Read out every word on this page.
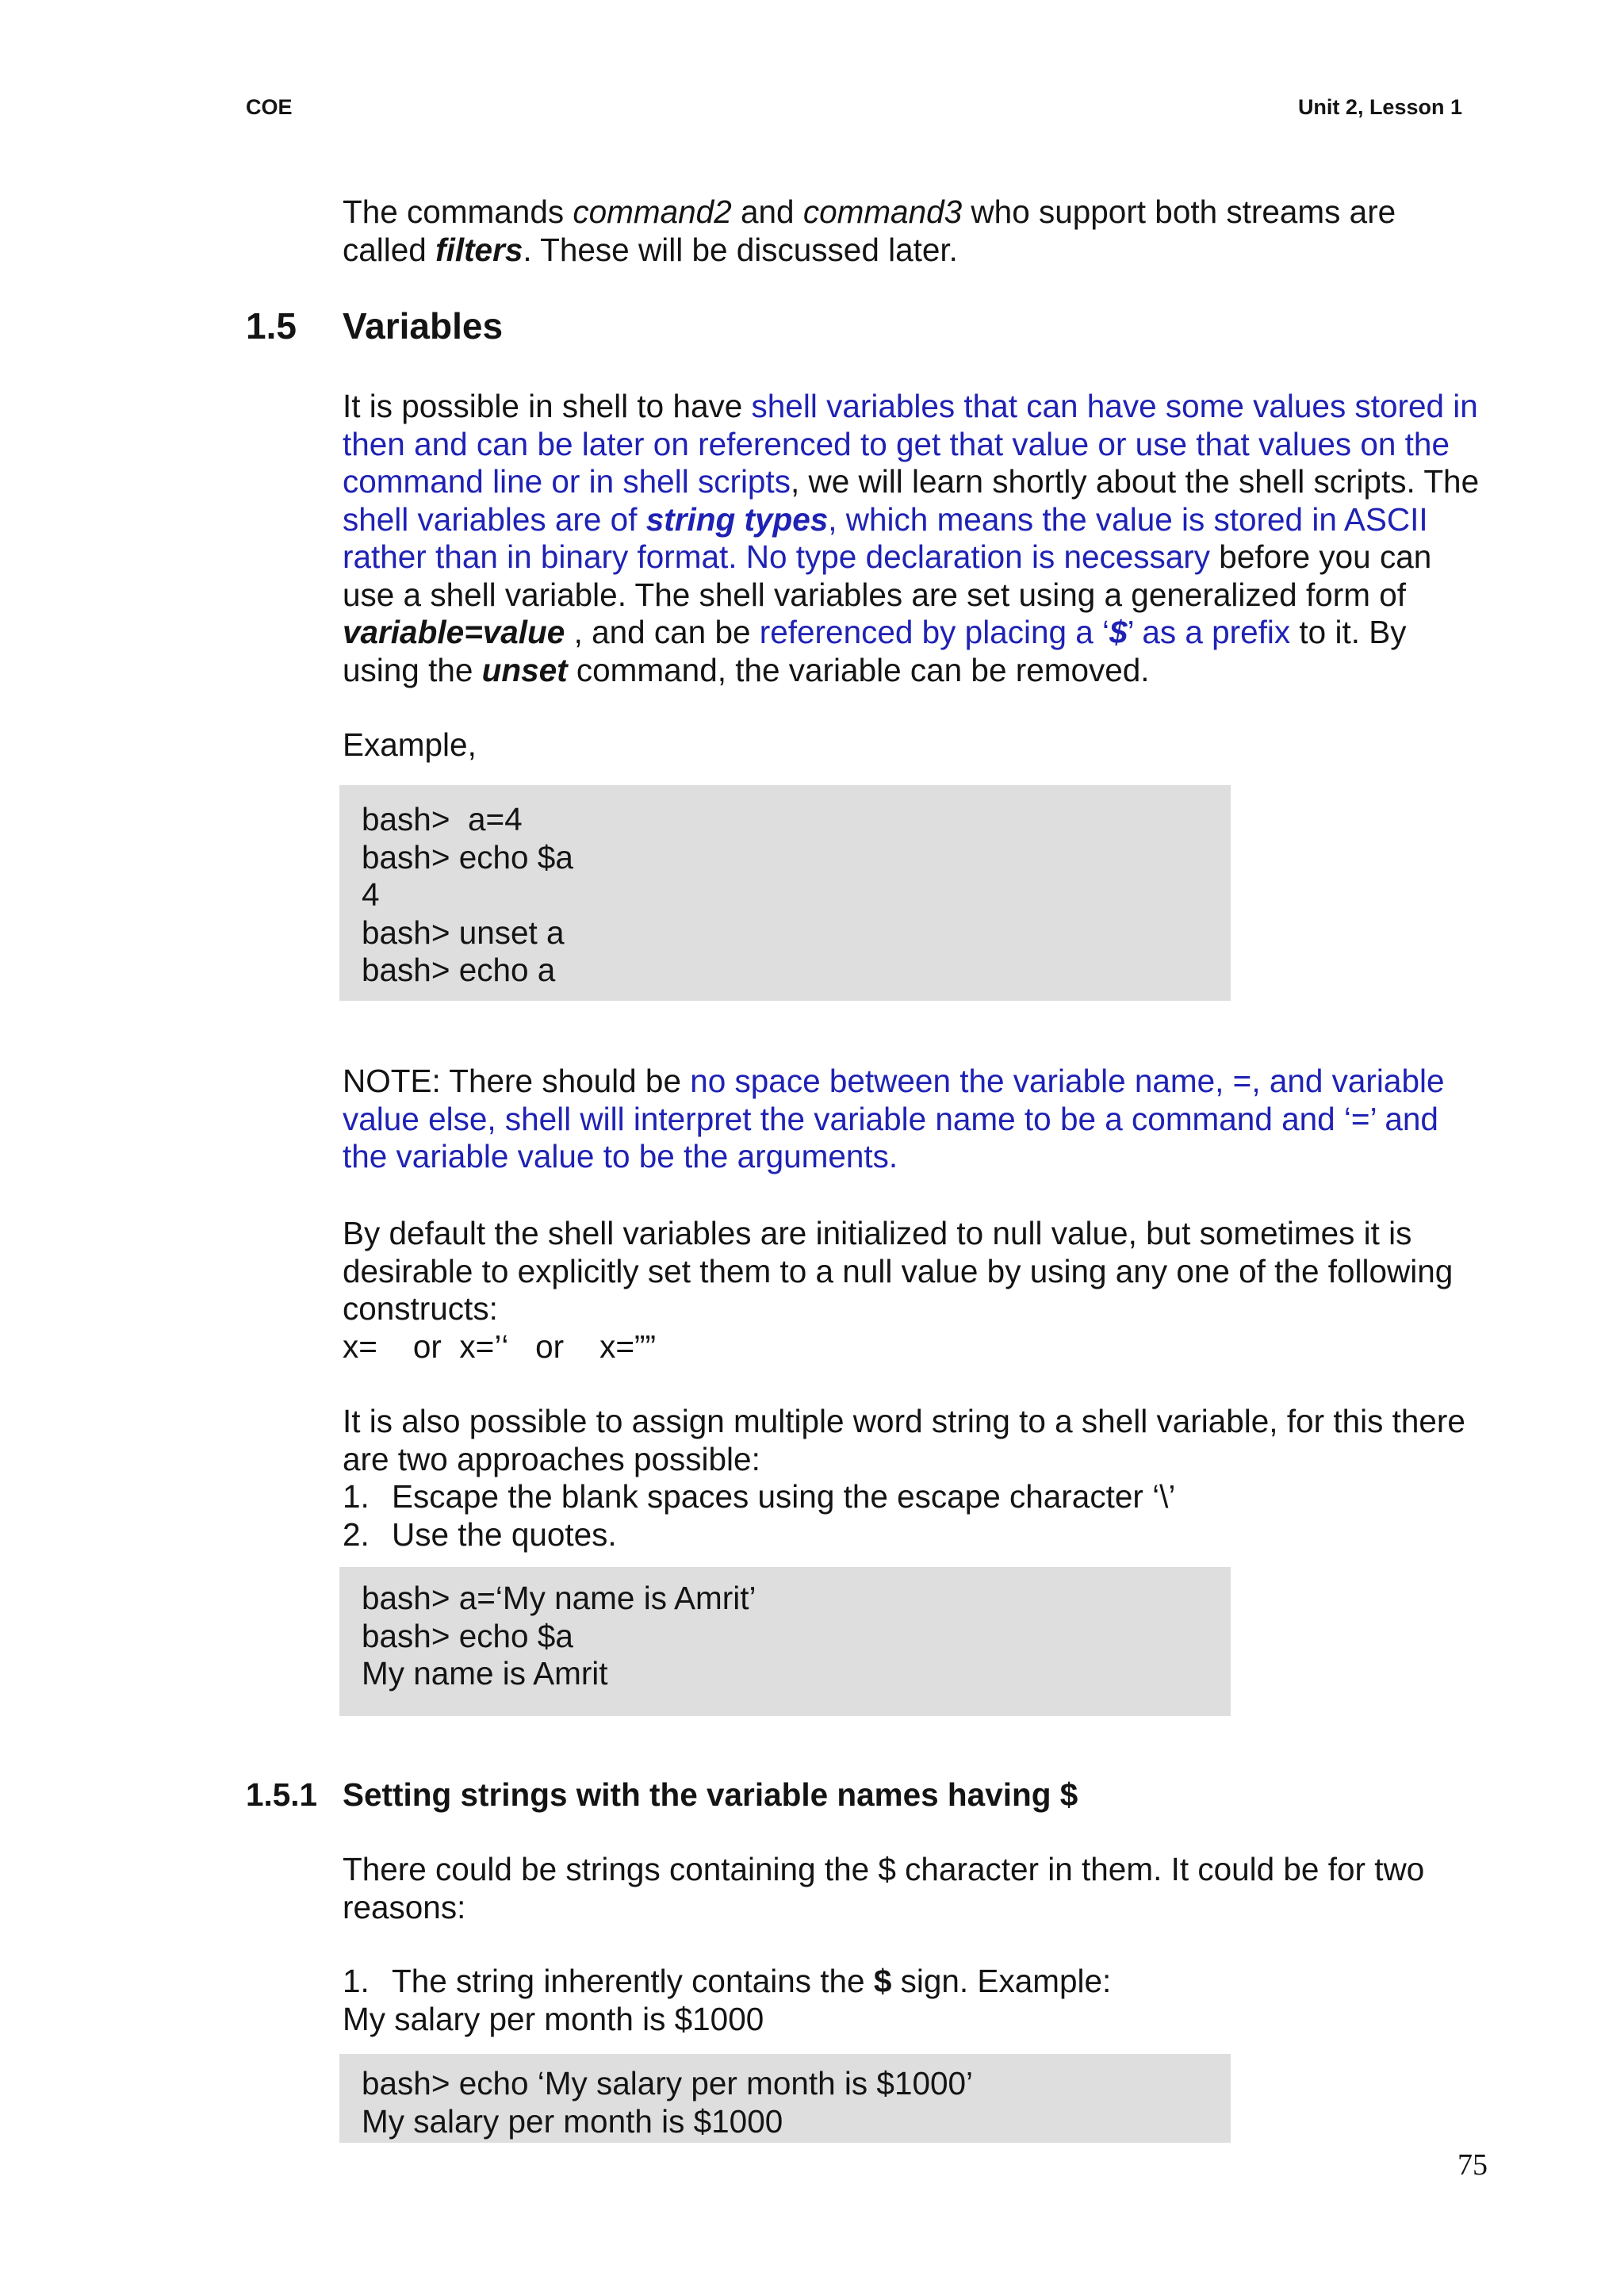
COE	Unit 2, Lesson 1

The commands command2 and command3 who support both streams are called filters. These will be discussed later.

1.5 Variables

It is possible in shell to have shell variables that can have some values stored in then and can be later on referenced to get that value or use that values on the command line or in shell scripts, we will learn shortly about the shell scripts. The shell variables are of string types, which means the value is stored in ASCII rather than in binary format. No type declaration is necessary before you can use a shell variable. The shell variables are set using a generalized form of variable=value , and can be referenced by placing a ‘$’ as a prefix to it. By using the unset command, the variable can be removed.

Example,

bash>  a=4
bash> echo $a
4
bash> unset a
bash> echo a

NOTE: There should be no space between the variable name, =, and variable value else, shell will interpret the variable name to be a command and ‘=’ and the variable value to be the arguments.

By default the shell variables are initialized to null value, but sometimes it is desirable to explicitly set them to a null value by using any one of the following constructs:
x=    or  x=’‘   or    x=””

It is also possible to assign multiple word string to a shell variable, for this there are two approaches possible:
1. Escape the blank spaces using the escape character ‘\’
2. Use the quotes.
bash> a=‘My name is Amrit’
bash> echo $a
My name is Amrit
1.5.1 Setting strings with the variable names having $

There could be strings containing the $ character in them. It could be for two reasons:

1. The string inherently contains the $ sign. Example:
My salary per month is $1000
bash> echo ‘My salary per month is $1000’
My salary per month is $1000
75
